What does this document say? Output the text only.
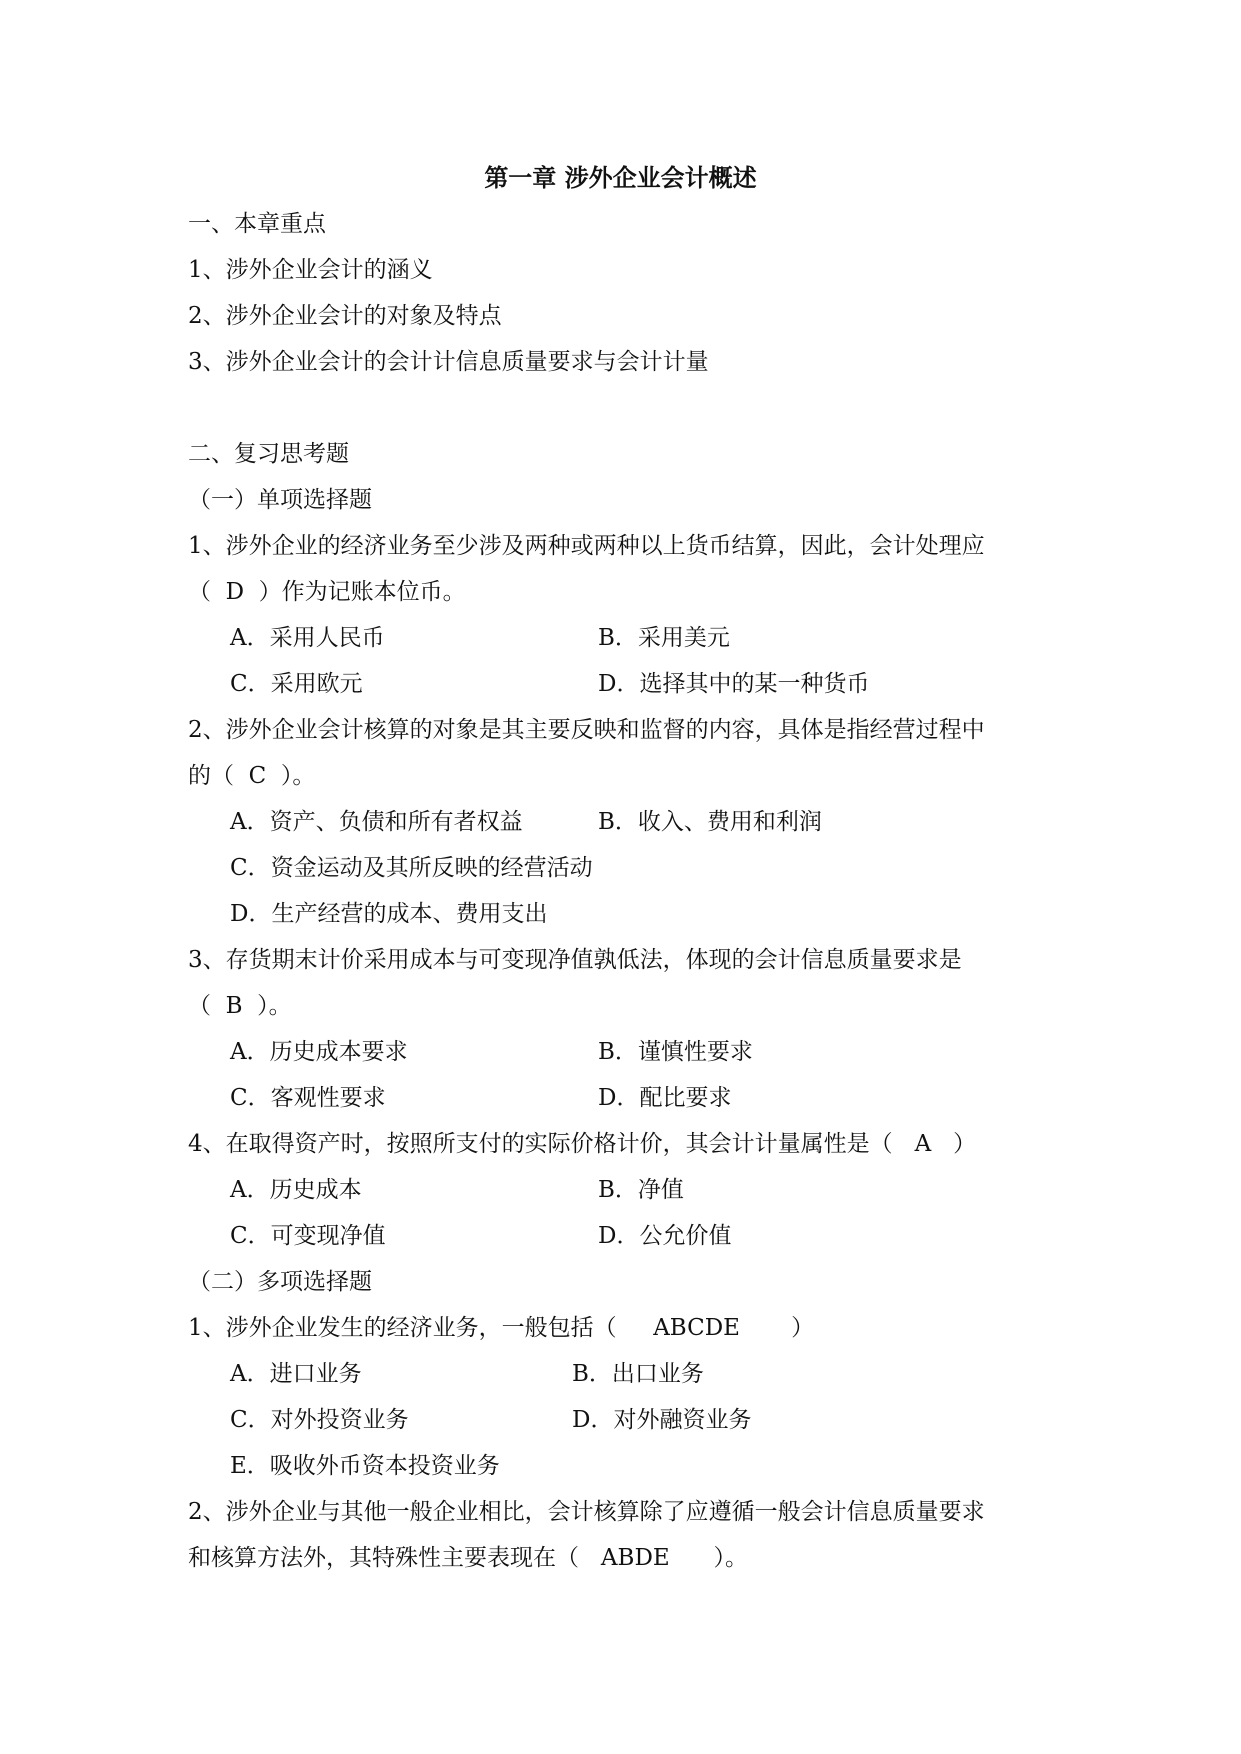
第一章 涉外企业会计概述
一、本章重点
1、涉外企业会计的涵义
2、涉外企业会计的对象及特点
3、涉外企业会计的会计计信息质量要求与会计计量
二、复习思考题
（一）单项选择题
1、涉外企业的经济业务至少涉及两种或两种以上货币结算，因此，会计处理应
（  D  ）作为记账本位币。
A．采用人民币	B．采用美元
C．采用欧元	D．选择其中的某一种货币
2、涉外企业会计核算的对象是其主要反映和监督的内容，具体是指经营过程中
的（  C  ）。
A．资产、负债和所有者权益	B．收入、费用和利润
C．资金运动及其所反映的经营活动
D．生产经营的成本、费用支出
3、存货期末计价采用成本与可变现净值孰低法，体现的会计信息质量要求是
（  B  ）。
A．历史成本要求	B．谨慎性要求
C．客观性要求	D．配比要求
4、在取得资产时，按照所支付的实际价格计价，其会计计量属性是（   A   ）
A．历史成本	B．净值
C．可变现净值	D．公允价值
（二）多项选择题
1、涉外企业发生的经济业务，一般包括（     ABCDE       ）
A．进口业务	B．出口业务
C．对外投资业务	D．对外融资业务
E．吸收外币资本投资业务
2、涉外企业与其他一般企业相比，会计核算除了应遵循一般会计信息质量要求
和核算方法外，其特殊性主要表现在（   ABDE      ）。
